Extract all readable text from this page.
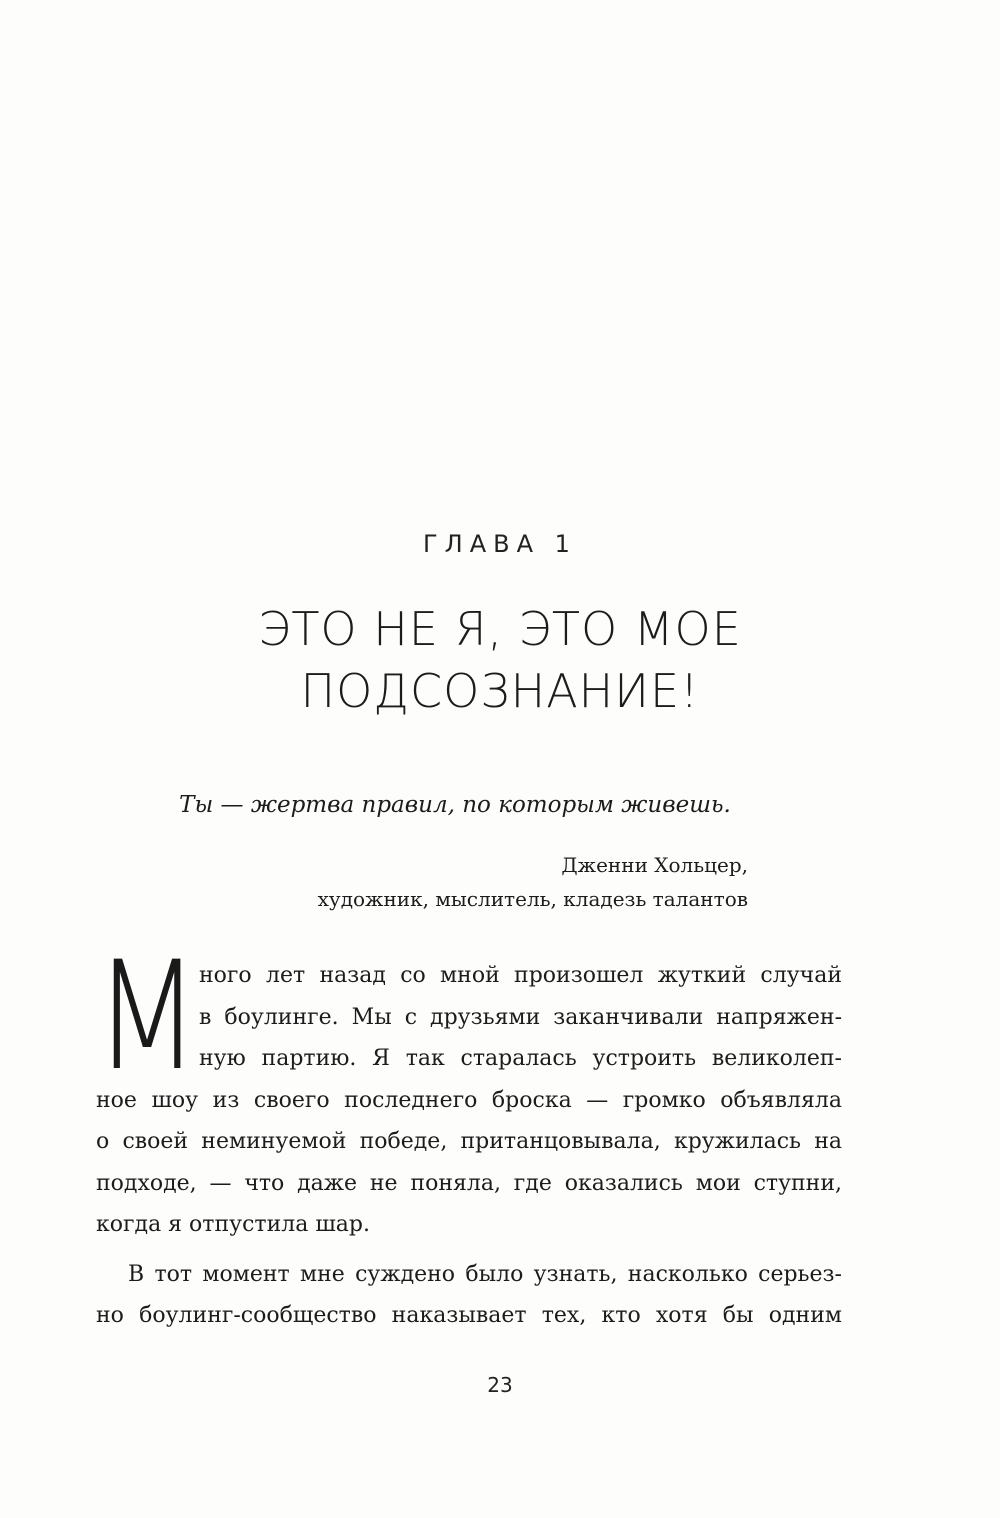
ГЛАВА 1
ЭТО НЕ Я, ЭТО МОЕ
ПОДСОЗНАНИЕ!
Ты — жертва правил, по которым живешь.
Дженни Хольцер,
художник, мыслитель, кладезь талантов
М
ного лет назад со мной произошел жуткий случай
в боулинге. Мы с друзьями заканчивали напряжен-
ную партию. Я так старалась устроить великолеп-
ное шоу из своего последнего броска — громко объявляла
о своей неминуемой победе, пританцовывала, кружилась на
подходе, — что даже не поняла, где оказались мои ступни,
когда я отпустила шар.
В тот момент мне суждено было узнать, насколько серьез-
но боулинг-сообщество наказывает тех, кто хотя бы одним
23
